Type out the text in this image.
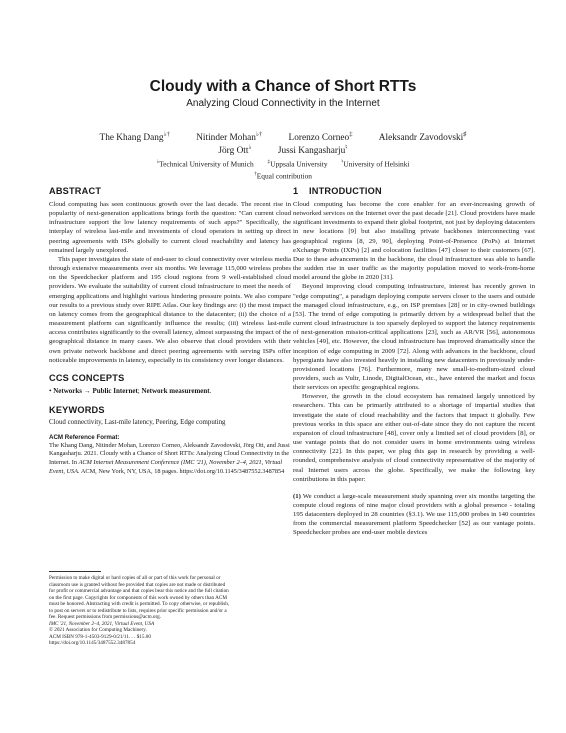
Cloudy with a Chance of Short RTTs
Analyzing Cloud Connectivity in the Internet
The Khang Dang♭†	Nitinder Mohan♭†	Lorenzo Corneo‡	Aleksandr Zavodovski♯
Jörg Ott♭	Jussi Kangasharju♮
♭Technical University of Munich	‡Uppsala University	♮University of Helsinki
†Equal contribution
ABSTRACT

Cloud computing has seen continuous growth over the last decade. The recent rise in popularity of next-generation applications brings forth the question: "Can current cloud infrastructure support the low latency requirements of such apps?" Specifically, the interplay of wireless last-mile and investments of cloud operators in setting up direct peering agreements with ISPs globally to current cloud reachability and latency has remained largely unexplored.

This paper investigates the state of end-user to cloud connectivity over wireless media through extensive measurements over six months. We leverage 115,000 wireless probes on the Speedchecker platform and 195 cloud regions from 9 well-established cloud providers. We evaluate the suitability of current cloud infrastructure to meet the needs of emerging applications and highlight various hindering pressure points. We also compare our results to a previous study over RIPE Atlas. Our key findings are: (i) the most impact on latency comes from the geographical distance to the datacenter; (ii) the choice of a measurement platform can significantly influence the results; (iii) wireless last-mile access contributes significantly to the overall latency, almost surpassing the impact of the geographical distance in many cases. We also observe that cloud providers with their own private network backbone and direct peering agreements with serving ISPs offer noticeable improvements in latency, especially in its consistency over longer distances.

CCS CONCEPTS
• Networks → Public Internet; Network measurement.
KEYWORDS
Cloud connectivity, Last-mile latency, Peering, Edge computing
ACM Reference Format:

The Khang Dang, Nitinder Mohan, Lorenzo Corneo, Aleksandr Zavodovski, Jörg Ott, and Jussi Kangasharju. 2021. Cloudy with a Chance of Short RTTs: Analyzing Cloud Connectivity in the Internet. In ACM Internet Measurement Conference (IMC '21), November 2–4, 2021, Virtual Event, USA. ACM, New York, NY, USA, 18 pages. https://doi.org/10.1145/3487552.3487854

Permission to make digital or hard copies of all or part of this work for personal or
classroom use is granted without fee provided that copies are not made or distributed
for profit or commercial advantage and that copies bear this notice and the full citation
on the first page. Copyrights for components of this work owned by others than ACM
must be honored. Abstracting with credit is permitted. To copy otherwise, or republish,
to post on servers or to redistribute to lists, requires prior specific permission and/or a
fee. Request permissions from permissions@acm.org.
IMC '21, November 2–4, 2021, Virtual Event, USA
© 2021 Association for Computing Machinery.
ACM ISBN 978-1-4503-9129-0/21/11. . . $15.00
https://doi.org/10.1145/3487552.3487854
1 INTRODUCTION

Cloud computing has become the core enabler for an ever-increasing growth of networked services on the Internet over the past decade [21]. Cloud providers have made significant investments to expand their global footprint, not just by deploying datacenters in new locations [9] but also installing private backbones interconnecting vast geographical regions [8, 29, 90], deploying Point-of-Presence (PoPs) at Internet eXchange Points (IXPs) [2] and colocation facilities [47] closer to their customers [67]. Due to these advancements in the backbone, the cloud infrastructure was able to handle the sudden rise in user traffic as the majority population moved to work-from-home model around the globe in 2020 [31].

Beyond improving cloud computing infrastructure, interest has recently grown in "edge computing", a paradigm deploying compute servers closer to the users and outside the managed cloud infrastructure, e.g., on ISP premises [28] or in city-owned buildings [53]. The trend of edge computing is primarily driven by a widespread belief that the current cloud infrastructure is too sparsely deployed to support the latency requirements of next-generation mission-critical applications [23], such as AR/VR [56], autonomous vehicles [49], etc. However, the cloud infrastructure has improved dramatically since the inception of edge computing in 2009 [72]. Along with advances in the backbone, cloud hypergiants have also invested heavily in installing new datacenters in previously under-provisioned locations [76]. Furthermore, many new small-to-medium-sized cloud providers, such as Vultr, Linode, DigitalOcean, etc., have entered the market and focus their services on specific geographical regions.

However, the growth in the cloud ecosystem has remained largely unnoticed by researchers. This can be primarily attributed to a shortage of impartial studies that investigate the state of cloud reachability and the factors that impact it globally. Few previous works in this space are either out-of-date since they do not capture the recent expansion of cloud infrastructure [48], cover only a limited set of cloud providers [8], or use vantage points that do not consider users in home environments using wireless connectivity [22]. In this paper, we plug this gap in research by providing a well-rounded, comprehensive analysis of cloud connectivity representative of the majority of real Internet users across the globe. Specifically, we make the following key contributions in this paper:

(1) We conduct a large-scale measurement study spanning over six months targeting the compute cloud regions of nine major cloud providers with a global presence - totaling 195 datacenters deployed in 28 countries (§3.1). We use 115,000 probes in 140 countries from the commercial measurement platform Speedchecker [52] as our vantage points. Speedchecker probes are end-user mobile devices
